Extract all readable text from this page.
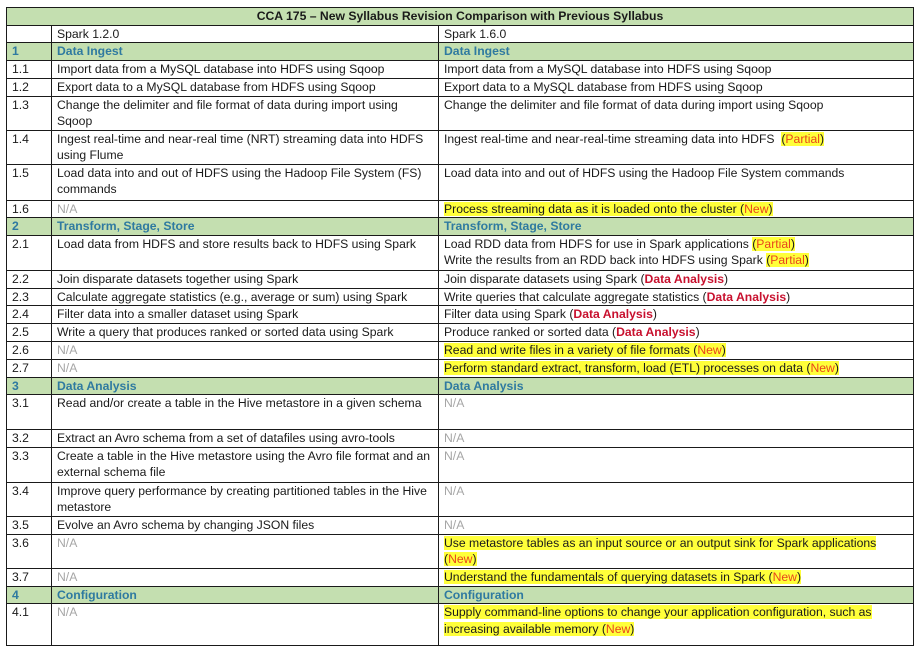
CCA 175 – New Syllabus Revision Comparison with Previous Syllabus		
	Spark 1.2.0	Spark 1.6.0
1	Data Ingest	Data Ingest
1.1	Import data from a MySQL database into HDFS using Sqoop	Import data from a MySQL database into HDFS using Sqoop
1.2	Export data to a MySQL database from HDFS using Sqoop	Export data to a MySQL database from HDFS using Sqoop
1.3	Change the delimiter and file format of data during import using Sqoop	Change the delimiter and file format of data during import using Sqoop
1.4	Ingest real-time and near-real time (NRT) streaming data into HDFS using Flume	Ingest real-time and near-real-time streaming data into HDFS (Partial)
1.5	Load data into and out of HDFS using the Hadoop File System (FS) commands	Load data into and out of HDFS using the Hadoop File System commands
1.6	N/A	Process streaming data as it is loaded onto the cluster (New)
2	Transform, Stage, Store	Transform, Stage, Store
2.1	Load data from HDFS and store results back to HDFS using Spark	Load RDD data from HDFS for use in Spark applications (Partial)
Write the results from an RDD back into HDFS using Spark (Partial)
2.2	Join disparate datasets together using Spark	Join disparate datasets using Spark (Data Analysis)
2.3	Calculate aggregate statistics (e.g., average or sum) using Spark	Write queries that calculate aggregate statistics (Data Analysis)
2.4	Filter data into a smaller dataset using Spark	Filter data using Spark (Data Analysis)
2.5	Write a query that produces ranked or sorted data using Spark	Produce ranked or sorted data (Data Analysis)
2.6	N/A	Read and write files in a variety of file formats (New)
2.7	N/A	Perform standard extract, transform, load (ETL) processes on data (New)
3	Data Analysis	Data Analysis
3.1	Read and/or create a table in the Hive metastore in a given schema	N/A
3.2	Extract an Avro schema from a set of datafiles using avro-tools	N/A
3.3	Create a table in the Hive metastore using the Avro file format and an external schema file	N/A
3.4	Improve query performance by creating partitioned tables in the Hive metastore	N/A
3.5	Evolve an Avro schema by changing JSON files	N/A
3.6	N/A	Use metastore tables as an input source or an output sink for Spark applications (New)
3.7	N/A	Understand the fundamentals of querying datasets in Spark (New)
4	Configuration	Configuration
4.1	N/A	Supply command-line options to change your application configuration, such as increasing available memory (New)
